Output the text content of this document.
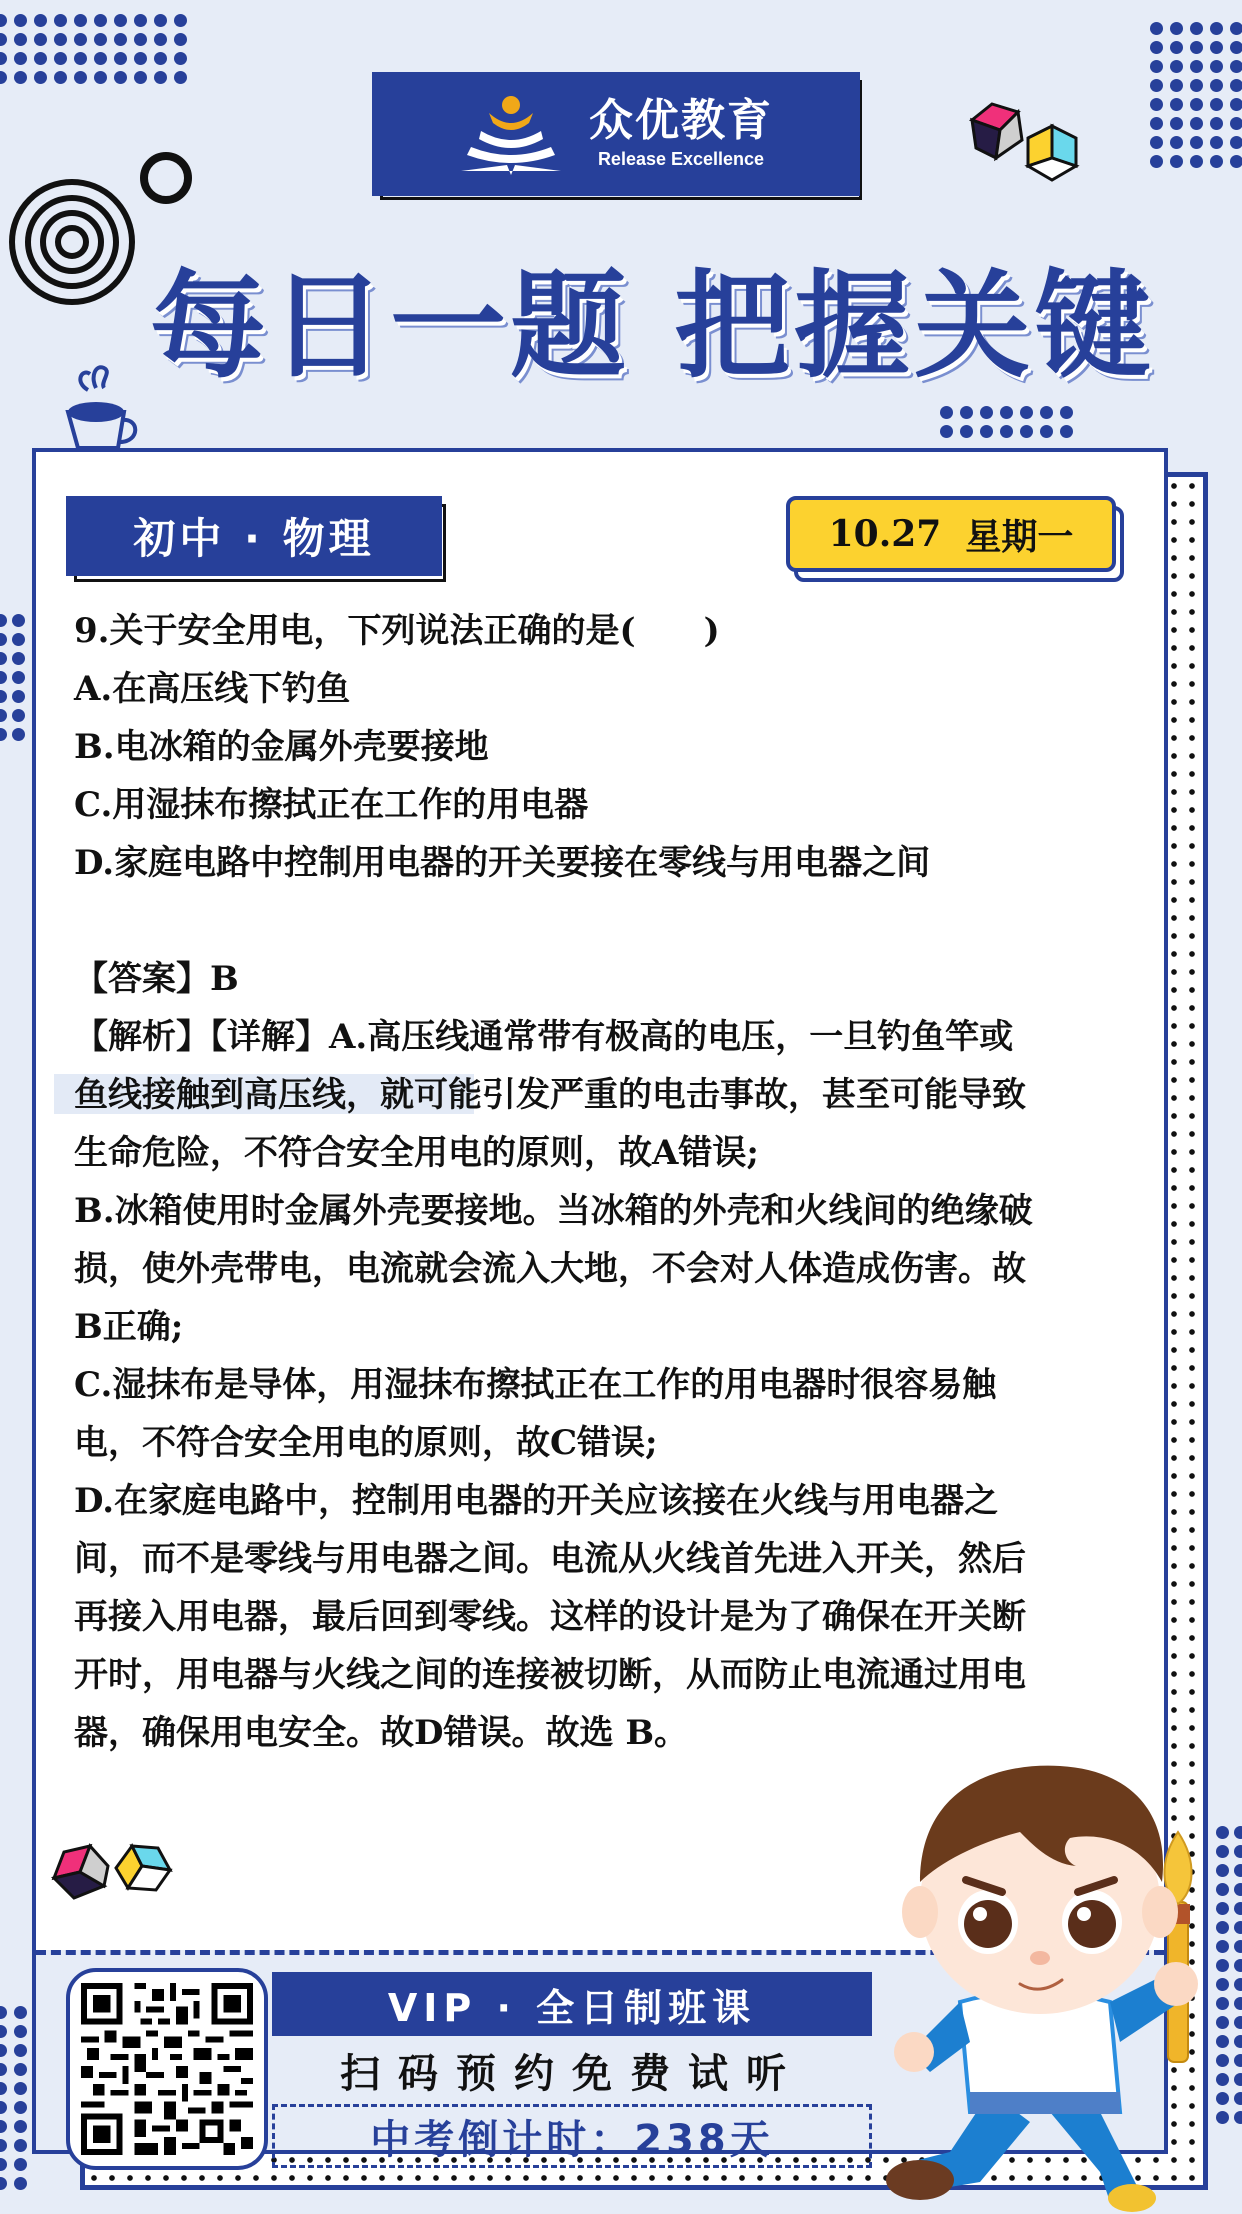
众优教育
Release Excellence
每日一题 把握关键
初中 · 物理	10.27 星期一

9.关于安全用电，下列说法正确的是(　　)

A.在高压线下钓鱼

B.电冰箱的金属外壳要接地

C.用湿抹布擦拭正在工作的用电器

D.家庭电路中控制用电器的开关要接在零线与用电器之间

【答案】B

【解析】【详解】A.高压线通常带有极高的电压，一旦钓鱼竿或

鱼线接触到高压线，就可能引发严重的电击事故，甚至可能导致

生命危险，不符合安全用电的原则，故A错误;

B.冰箱使用时金属外壳要接地。当冰箱的外壳和火线间的绝缘破

损，使外壳带电，电流就会流入大地，不会对人体造成伤害。故

B正确;

C.湿抹布是导体，用湿抹布擦拭正在工作的用电器时很容易触

电，不符合安全用电的原则，故C错误;

D.在家庭电路中，控制用电器的开关应该接在火线与用电器之

间，而不是零线与用电器之间。电流从火线首先进入开关，然后

再接入用电器，最后回到零线。这样的设计是为了确保在开关断

开时，用电器与火线之间的连接被切断，从而防止电流通过用电

器，确保用电安全。故D错误。故选 B。

VIP · 全日制班课
扫码预约免费试听
中考倒计时：238天
